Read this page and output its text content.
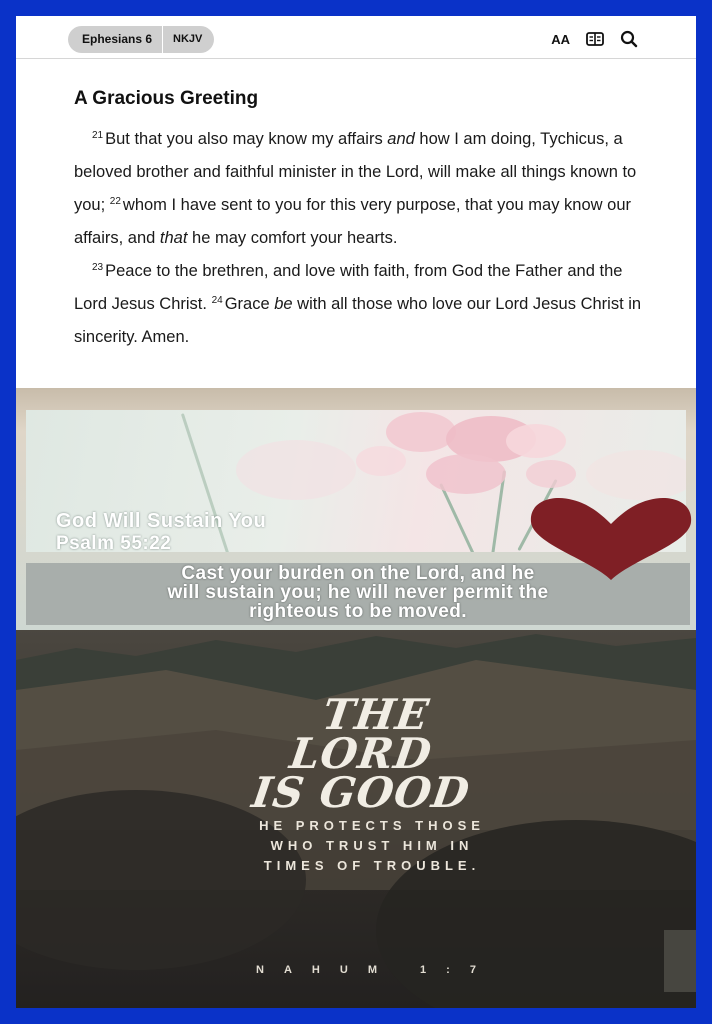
Ephesians 6	NKJV	AA
A Gracious Greeting

$^{21}$ But that you also may know my affairs and how I am doing, Tychicus, a beloved brother and faithful minister in the Lord, will make all things known to you; $^{22}$ whom I have sent to you for this very purpose, that you may know our affairs, and that he may comfort your hearts.

$^{23}$ Peace to the brethren, and love with faith, from God the Father and the Lord Jesus Christ. $^{24}$ Grace be with all those who love our Lord Jesus Christ in sincerity. Amen.

God Will Sustain You
Psalm 55:22
Cast your burden on the Lord, and he
will sustain you; he will never permit the
righteous to be moved.
THE
LORD
IS GOOD
HE PROTECTS THOSE
WHO TRUST HIM IN
TIMES OF TROUBLE.
NAHUM 1:7
